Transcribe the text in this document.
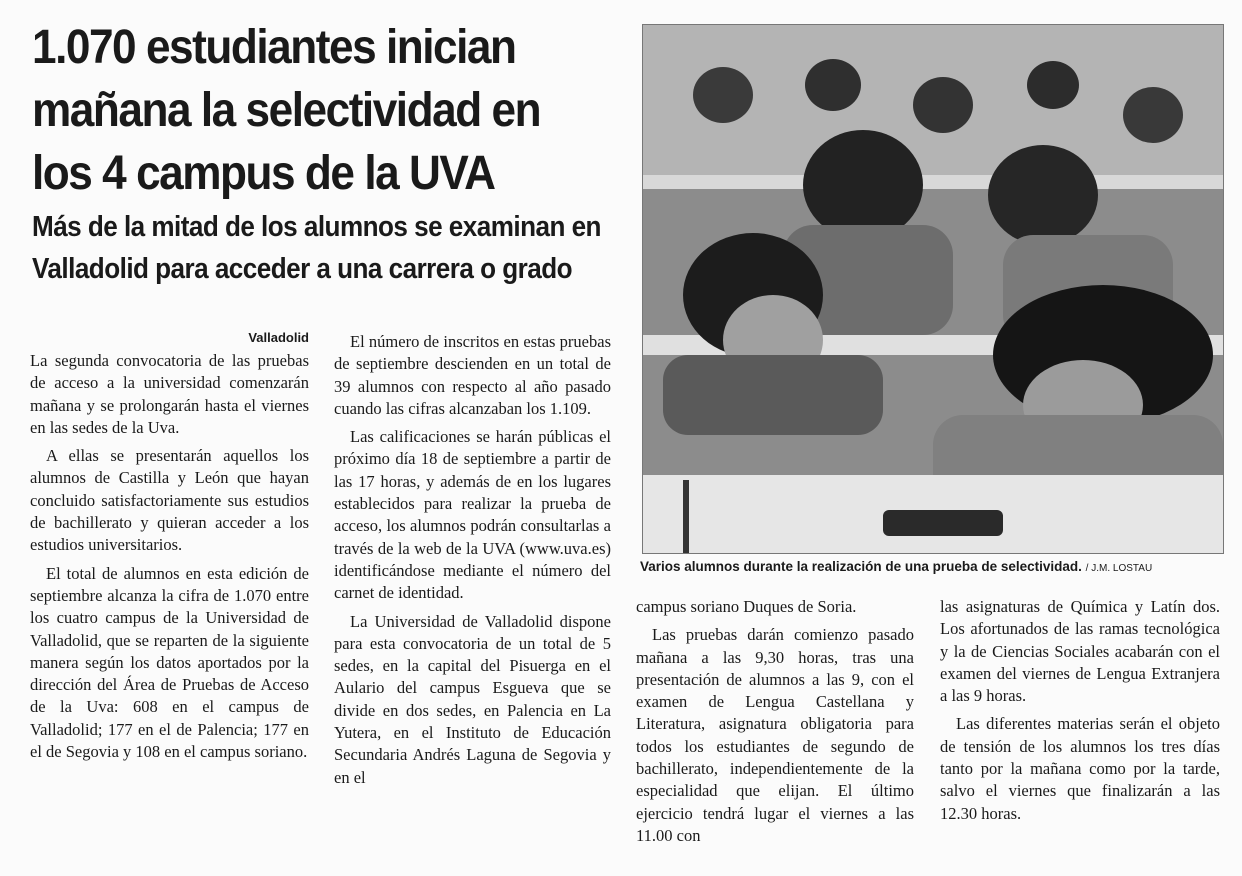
1.070 estudiantes inician
mañana la selectividad en
los 4 campus de la UVA
Más de la mitad de los alumnos se examinan en
Valladolid para acceder a una carrera o grado
Valladolid

La segunda convocatoria de las pruebas de acceso a la universidad comenzarán mañana y se prolongarán hasta el viernes en las sedes de la Uva.

A ellas se presentarán aquellos los alumnos de Castilla y León que hayan concluido satisfactoriamente sus estudios de bachillerato y quieran acceder a los estudios universitarios.

El total de alumnos en esta edición de septiembre alcanza la cifra de 1.070 entre los cuatro campus de la Universidad de Valladolid, que se reparten de la siguiente manera según los datos aportados por la dirección del Área de Pruebas de Acceso de la Uva: 608 en el campus de Valladolid; 177 en el de Palencia; 177 en el de Segovia y 108 en el campus soriano.

El número de inscritos en estas pruebas de septiembre descienden en un total de 39 alumnos con respecto al año pasado cuando las cifras alcanzaban los 1.109.

Las calificaciones se harán públicas el próximo día 18 de septiembre a partir de las 17 horas, y además de en los lugares establecidos para realizar la prueba de acceso, los alumnos podrán consultarlas a través de la web de la UVA (www.uva.es) identificándose mediante el número del carnet de identidad.

La Universidad de Valladolid dispone para esta convocatoria de un total de 5 sedes, en la capital del Pisuerga en el Aulario del campus Esgueva que se divide en dos sedes, en Palencia en La Yutera, en el Instituto de Educación Secundaria Andrés Laguna de Segovia y en el

Varios alumnos durante la realización de una prueba de selectividad. / J.M. LOSTAU

campus soriano Duques de Soria.

Las pruebas darán comienzo pasado mañana a las 9,30 horas, tras una presentación de alumnos a las 9, con el examen de Lengua Castellana y Literatura, asignatura obligatoria para todos los estudiantes de segundo de bachillerato, independientemente de la especialidad que elijan. El último ejercicio tendrá lugar el viernes a las 11.00 con

las asignaturas de Química y Latín dos. Los afortunados de las ramas tecnológica y la de Ciencias Sociales acabarán con el examen del viernes de Lengua Extranjera a las 9 horas.

Las diferentes materias serán el objeto de tensión de los alumnos los tres días tanto por la mañana como por la tarde, salvo el viernes que finalizarán a las 12.30 horas.
